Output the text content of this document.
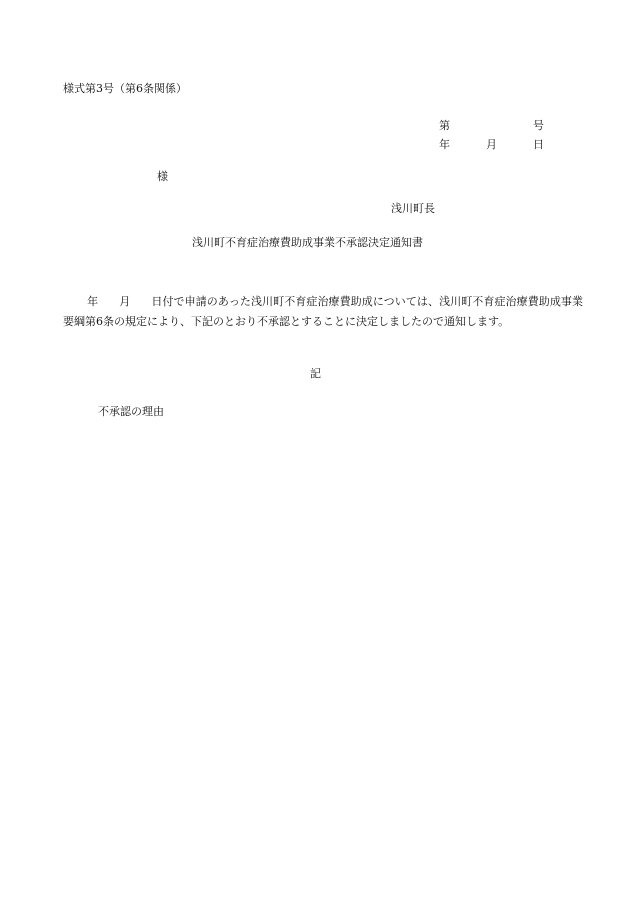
様式第3号（第6条関係）
第	号
年	月	日
様
浅川町長
浅川町不育症治療費助成事業不承認決定通知書
年 月 日付で申請のあった浅川町不育症治療費助成については、浅川町不育症治療費助成事業要綱第6条の規定により、下記のとおり不承認とすることに決定しましたので通知します。
記
不承認の理由
